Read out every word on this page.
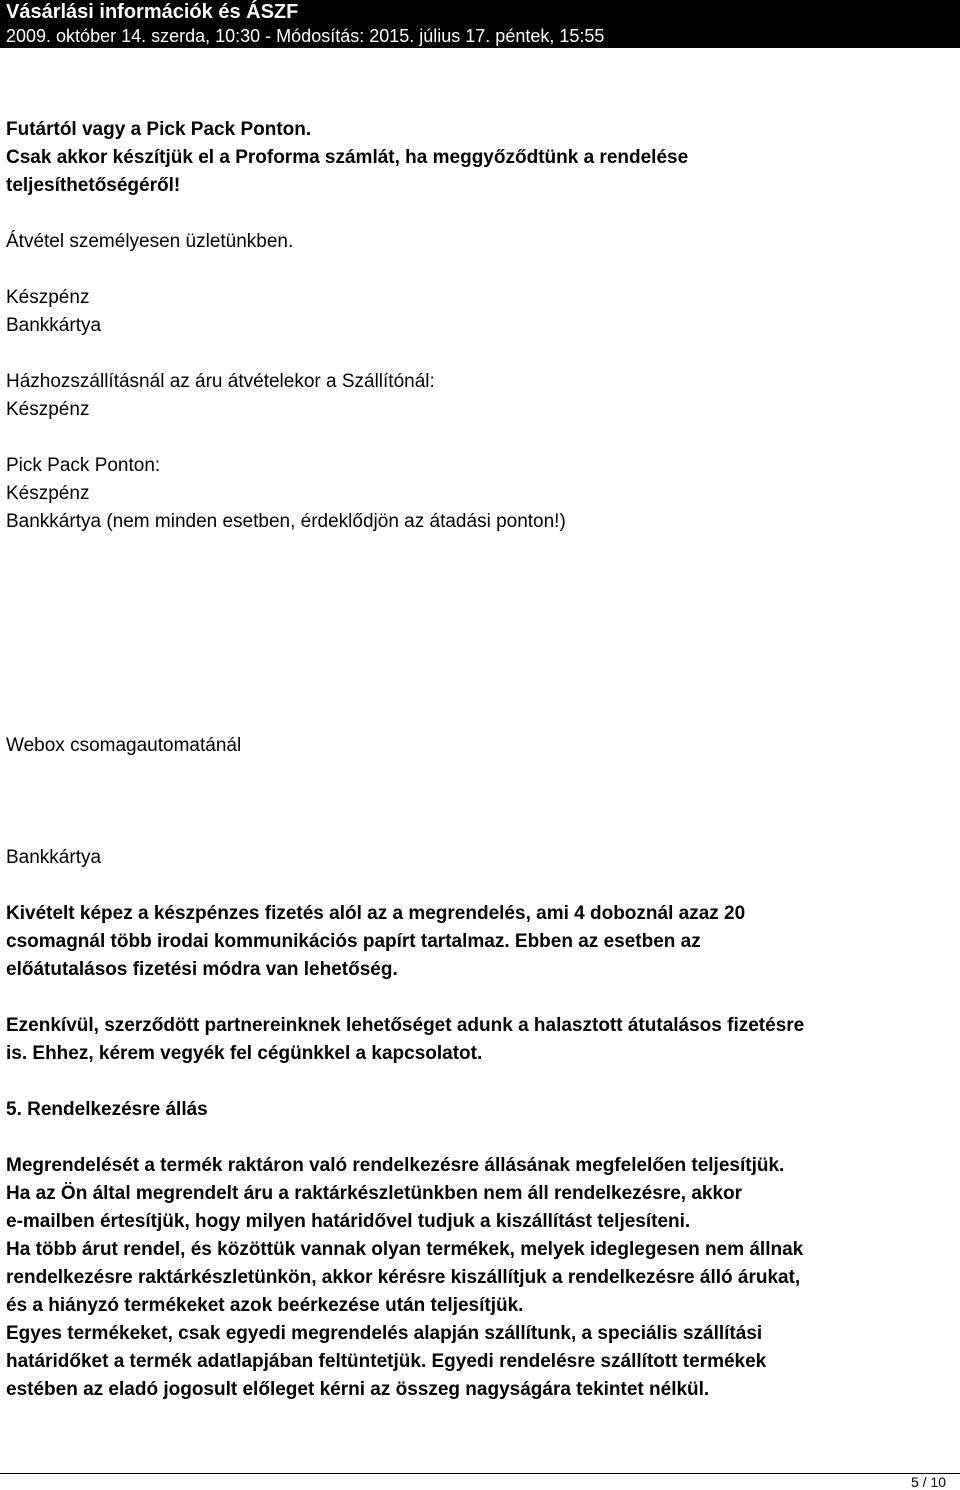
Vásárlási információk és ÁSZF
2009. október 14. szerda, 10:30 - Módosítás: 2015. július 17. péntek, 15:55
Futártól vagy a Pick Pack Ponton.
Csak akkor készítjük el a Proforma számlát, ha meggyőződtünk a rendelése
teljesíthetőségéről!
Átvétel személyesen üzletünkben.
Készpénz
Bankkártya
Házhozszállításnál az áru átvételekor a Szállítónál:
Készpénz
Pick Pack Ponton:
Készpénz
Bankkártya (nem minden esetben, érdeklődjön az átadási ponton!)
Webox csomagautomatánál
Bankkártya
Kivételt képez a készpénzes fizetés alól az a megrendelés, ami 4 doboznál azaz 20
csomagnál több irodai kommunikációs papírt tartalmaz. Ebben az esetben az
előátutalásos fizetési módra van lehetőség.
Ezenkívül, szerződött partnereinknek lehetőséget adunk a halasztott átutalásos fizetésre
is. Ehhez, kérem vegyék fel cégünkkel a kapcsolatot.
5. Rendelkezésre állás
Megrendelését a termék raktáron való rendelkezésre állásának megfelelően teljesítjük.
Ha az Ön által megrendelt áru a raktárkészletünkben nem áll rendelkezésre, akkor
e-mailben értesítjük, hogy milyen határidővel tudjuk a kiszállítást teljesíteni.
Ha több árut rendel, és közöttük vannak olyan termékek, melyek ideglegesen nem állnak
rendelkezésre raktárkészletünkön, akkor kérésre kiszállítjuk a rendelkezésre álló árukat,
és a hiányzó termékeket azok beérkezése után teljesítjük.
Egyes termékeket, csak egyedi megrendelés alapján szállítunk, a speciális szállítási
határidőket a termék adatlapjában feltüntetjük. Egyedi rendelésre szállított termékek
estében az eladó jogosult előleget kérni az összeg nagyságára tekintet nélkül.
5 / 10
